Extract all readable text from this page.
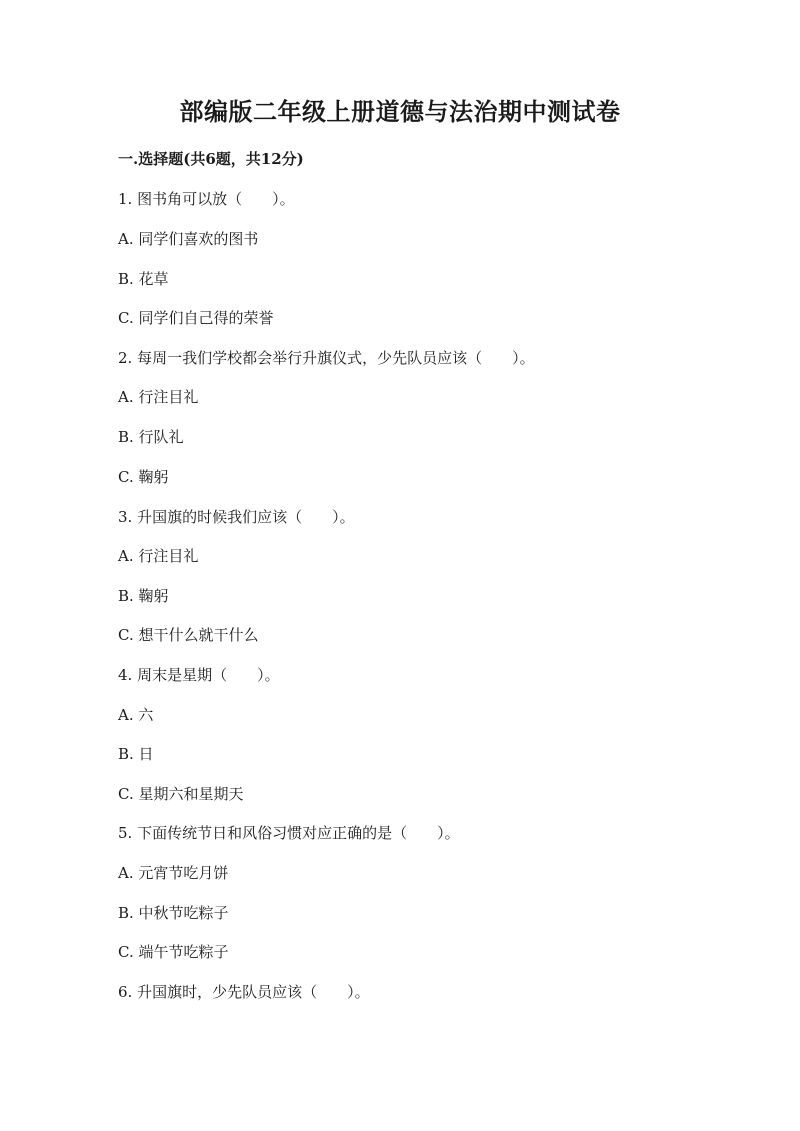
部编版二年级上册道德与法治期中测试卷
一.选择题(共6题，共12分)
1. 图书角可以放（　　）。
A. 同学们喜欢的图书
B. 花草
C. 同学们自己得的荣誉
2. 每周一我们学校都会举行升旗仪式，少先队员应该（　　）。
A. 行注目礼
B. 行队礼
C. 鞠躬
3. 升国旗的时候我们应该（　　）。
A. 行注目礼
B. 鞠躬
C. 想干什么就干什么
4. 周末是星期（　　）。
A. 六
B. 日
C. 星期六和星期天
5. 下面传统节日和风俗习惯对应正确的是（　　）。
A. 元宵节吃月饼
B. 中秋节吃粽子
C. 端午节吃粽子
6. 升国旗时，少先队员应该（　　）。
